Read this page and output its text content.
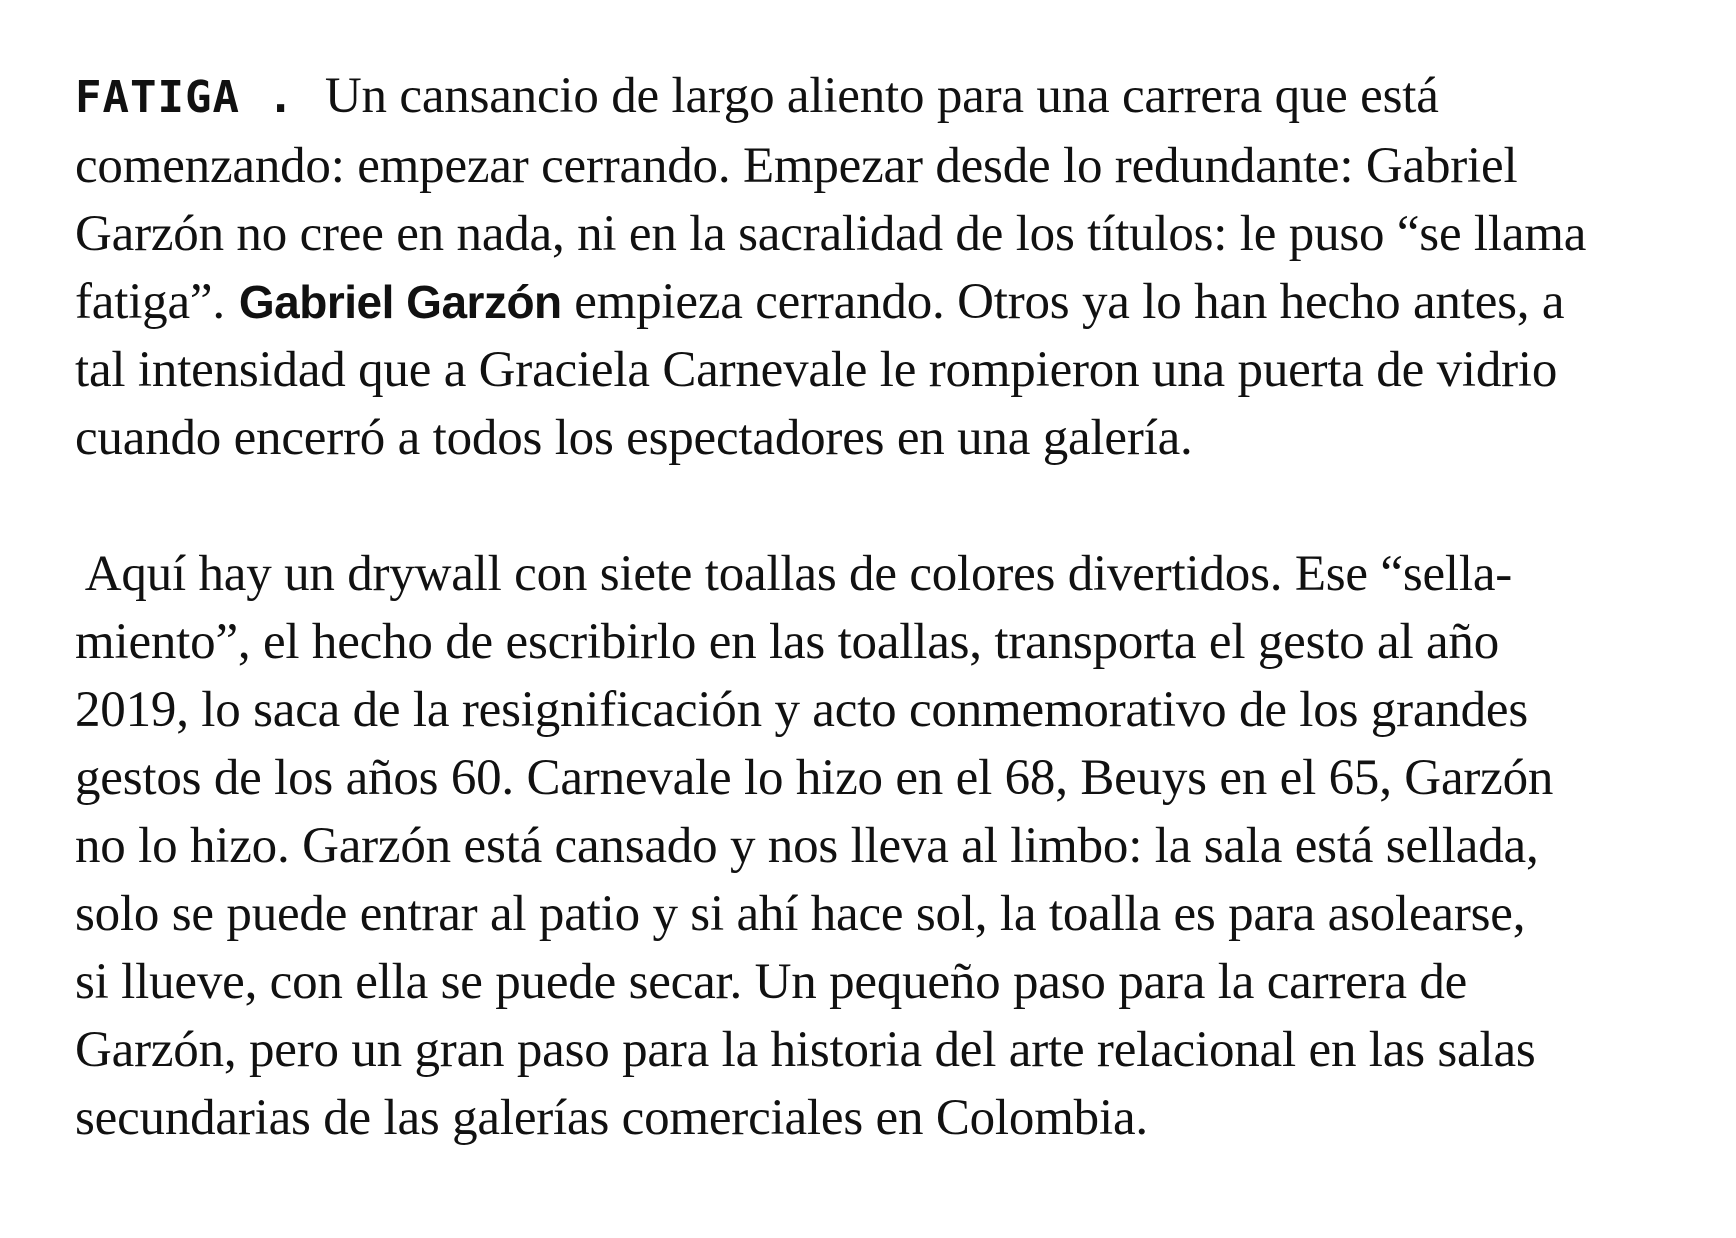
FATIGA . Un cansancio de largo aliento para una carrera que está
comenzando: empezar cerrando. Empezar desde lo redundante: Gabriel
Garzón no cree en nada, ni en la sacralidad de los títulos: le puso “se llama
fatiga”. Gabriel Garzón empieza cerrando. Otros ya lo han hecho antes, a
tal intensidad que a Graciela Carnevale le rompieron una puerta de vidrio
cuando encerró a todos los espectadores en una galería.
Aquí hay un drywall con siete toallas de colores divertidos. Ese “sella-
miento”, el hecho de escribirlo en las toallas, transporta el gesto al año
2019, lo saca de la resignificación y acto conmemorativo de los grandes
gestos de los años 60. Carnevale lo hizo en el 68, Beuys en el 65, Garzón
no lo hizo. Garzón está cansado y nos lleva al limbo: la sala está sellada,
solo se puede entrar al patio y si ahí hace sol, la toalla es para asolearse,
si llueve, con ella se puede secar. Un pequeño paso para la carrera de
Garzón, pero un gran paso para la historia del arte relacional en las salas
secundarias de las galerías comerciales en Colombia.
